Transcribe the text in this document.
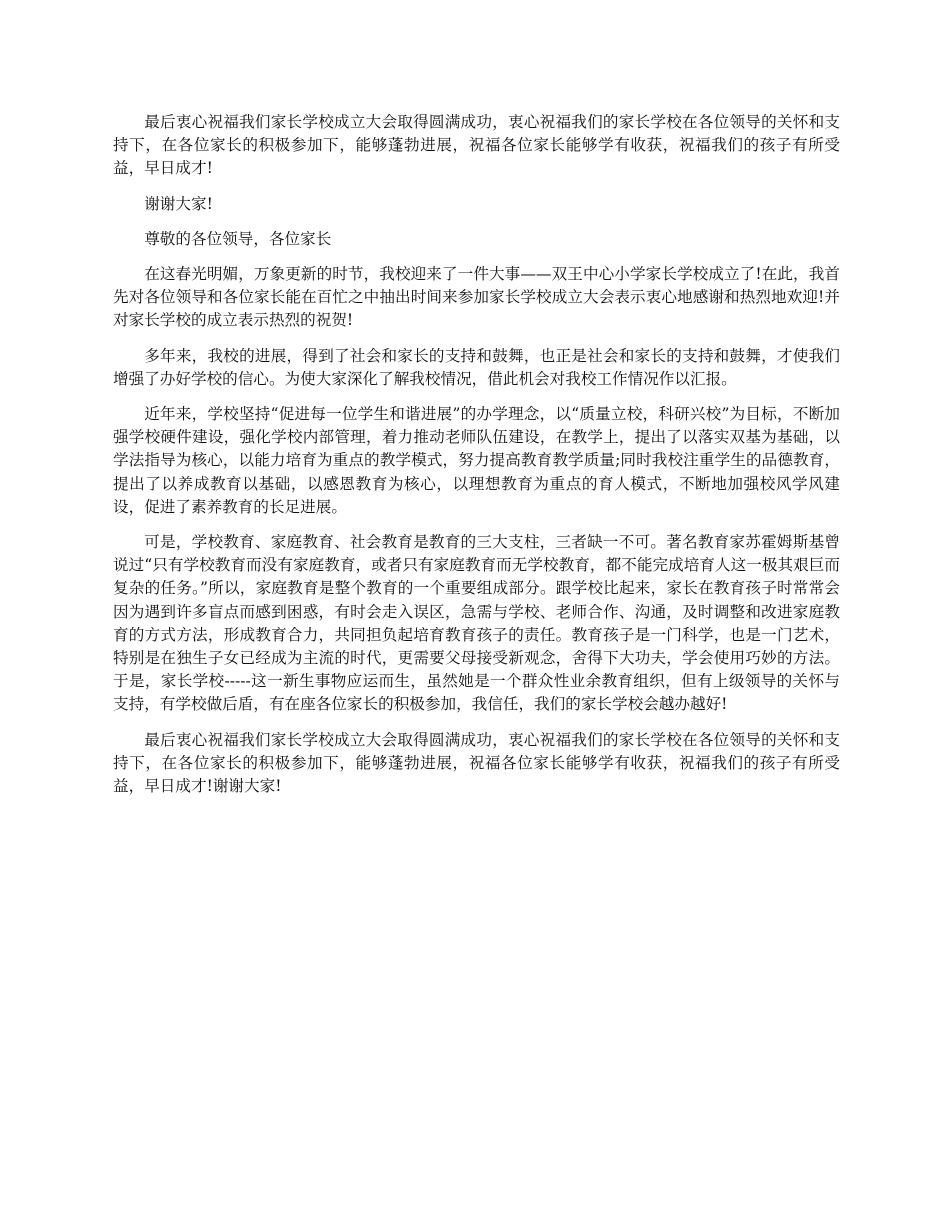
最后衷心祝福我们家长学校成立大会取得圆满成功，衷心祝福我们的家长学校在各位领导的关怀和支持下，在各位家长的积极参加下，能够蓬勃进展，祝福各位家长能够学有收获，祝福我们的孩子有所受益，早日成才!

谢谢大家!

尊敬的各位领导，各位家长

在这春光明媚，万象更新的时节，我校迎来了一件大事——双王中心小学家长学校成立了!在此，我首先对各位领导和各位家长能在百忙之中抽出时间来参加家长学校成立大会表示衷心地感谢和热烈地欢迎!并对家长学校的成立表示热烈的祝贺!

多年来，我校的进展，得到了社会和家长的支持和鼓舞，也正是社会和家长的支持和鼓舞，才使我们增强了办好学校的信心。为使大家深化了解我校情况，借此机会对我校工作情况作以汇报。

近年来，学校坚持“促进每一位学生和谐进展”的办学理念，以“质量立校，科研兴校”为目标，不断加强学校硬件建设，强化学校内部管理，着力推动老师队伍建设，在教学上，提出了以落实双基为基础，以学法指导为核心，以能力培育为重点的教学模式，努力提高教育教学质量;同时我校注重学生的品德教育，提出了以养成教育以基础，以感恩教育为核心，以理想教育为重点的育人模式，不断地加强校风学风建设，促进了素养教育的长足进展。

可是，学校教育、家庭教育、社会教育是教育的三大支柱，三者缺一不可。著名教育家苏霍姆斯基曾说过“只有学校教育而没有家庭教育，或者只有家庭教育而无学校教育，都不能完成培育人这一极其艰巨而复杂的任务。”所以，家庭教育是整个教育的一个重要组成部分。跟学校比起来，家长在教育孩子时常常会因为遇到许多盲点而感到困惑，有时会走入误区，急需与学校、老师合作、沟通，及时调整和改进家庭教育的方式方法，形成教育合力，共同担负起培育教育孩子的责任。教育孩子是一门科学，也是一门艺术，特别是在独生子女已经成为主流的时代，更需要父母接受新观念，舍得下大功夫，学会使用巧妙的方法。于是，家长学校-----这一新生事物应运而生，虽然她是一个群众性业余教育组织，但有上级领导的关怀与支持，有学校做后盾，有在座各位家长的积极参加，我信任，我们的家长学校会越办越好!

最后衷心祝福我们家长学校成立大会取得圆满成功，衷心祝福我们的家长学校在各位领导的关怀和支持下，在各位家长的积极参加下，能够蓬勃进展，祝福各位家长能够学有收获，祝福我们的孩子有所受益，早日成才!谢谢大家!
